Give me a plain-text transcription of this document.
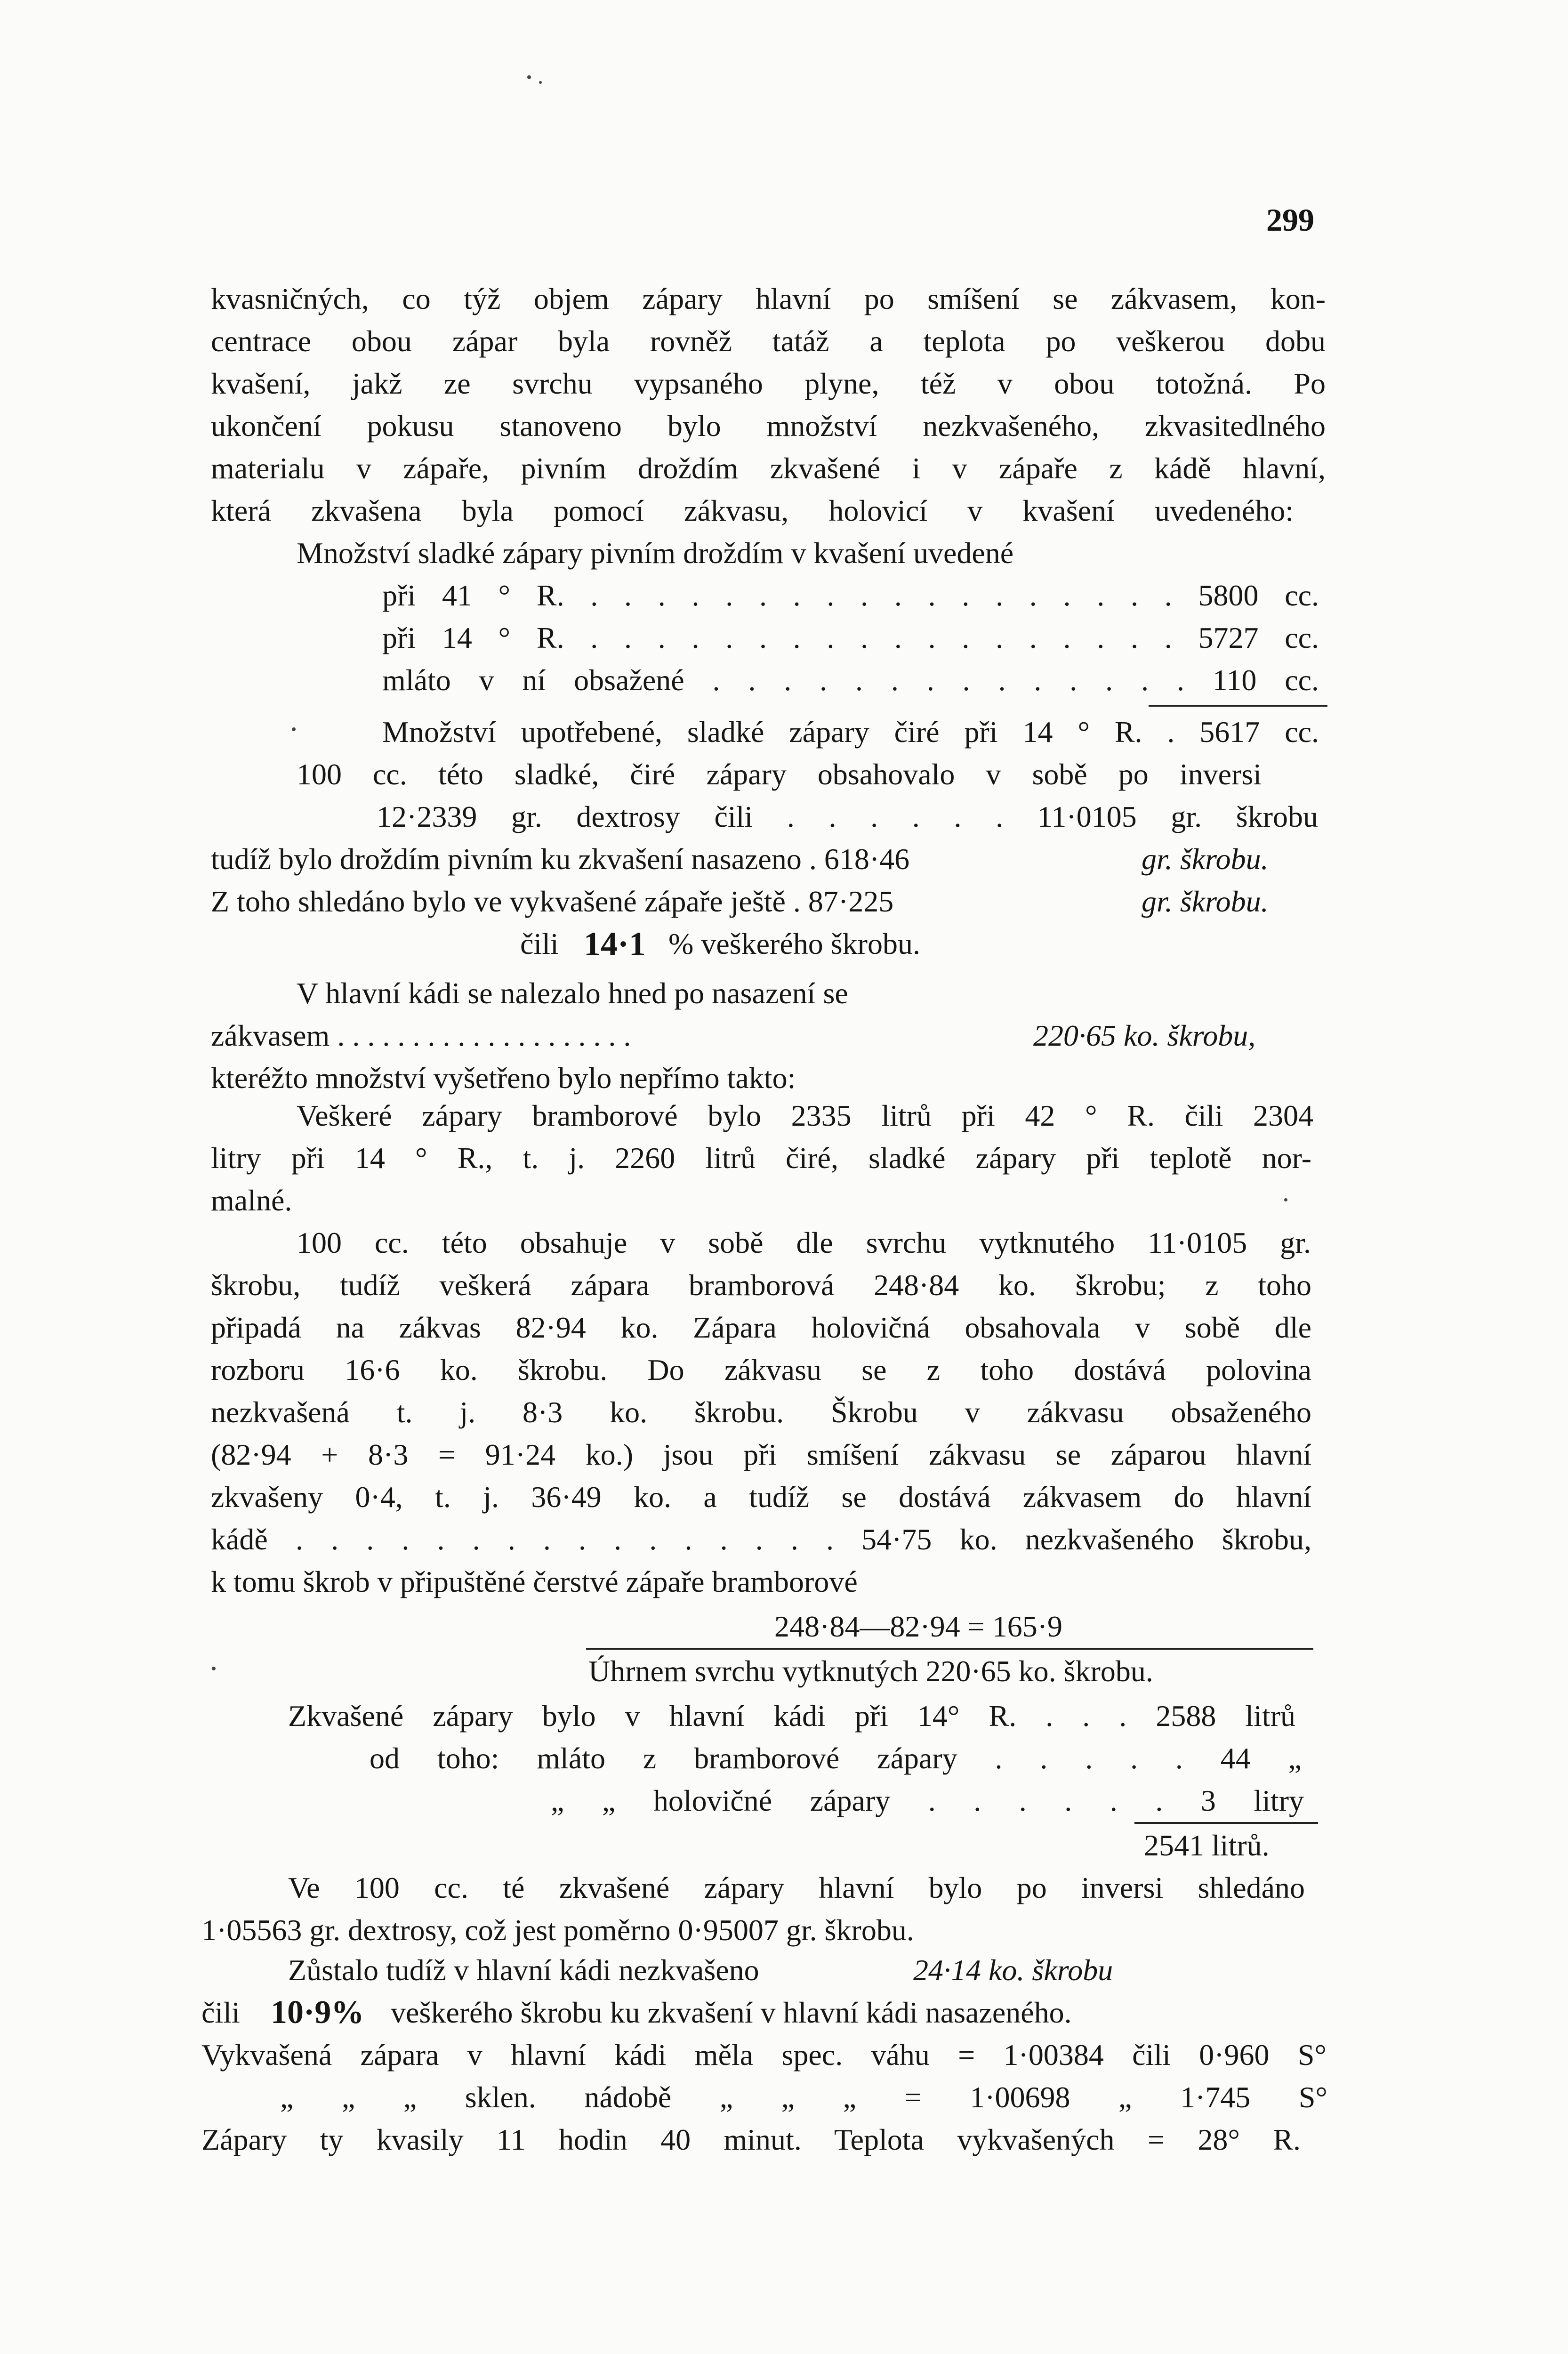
299

kvasničných, co týž objem zápary hlavní po smíšení se zákvasem, kon-

centrace obou zápar byla rovněž tatáž a teplota po veškerou dobu

kvašení, jakž ze svrchu vypsaného plyne, též v obou totožná. Po

ukončení pokusu stanoveno bylo množství nezkvašeného, zkvasitedlného

materialu v zápaře, pivním droždím zkvašené i v zápaře z kádě hlavní,

která zkvašena byla pomocí zákvasu, holovicí v kvašení uvedeného:

Množství sladké zápary pivním droždím v kvašení uvedené

při 41 ° R. . . . . . . . . . . . . . . . . . . 5800 cc.

při 14 ° R. . . . . . . . . . . . . . . . . . . 5727 cc.

mláto v ní obsažené . . . . . . . . . . . . . . 110 cc.

Množství upotřebené, sladké zápary čiré při 14 ° R. . 5617 cc.

100 cc. této sladké, čiré zápary obsahovalo v sobě po inversi

12·2339 gr. dextrosy čili . . . . . . 11·0105 gr. škrobu

tudíž bylo droždím pivním ku zkvašení nasazeno . 618·46

	gr. škrobu.

Z toho shledáno bylo ve vykvašené zápaře ještě . 87·225

	gr. škrobu.

čili

14·1

% veškerého škrobu.

V hlavní kádi se nalezalo hned po nasazení se

zákvasem . . . . . . . . . . . . . . . . . . . .

	220·65 ko. škrobu,

kteréžto množství vyšetřeno bylo nepřímo takto:

Veškeré zápary bramborové bylo 2335 litrů při 42 ° R. čili 2304

litry při 14 ° R., t. j. 2260 litrů čiré, sladké zápary při teplotě nor-

malné.

100 cc. této obsahuje v sobě dle svrchu vytknutého 11·0105 gr.

škrobu, tudíž veškerá zápara bramborová 248·84 ko. škrobu; z toho

připadá na zákvas 82·94 ko. Zápara holovičná obsahovala v sobě dle

rozboru 16·6 ko. škrobu. Do zákvasu se z toho dostává polovina

nezkvašená t. j. 8·3 ko. škrobu. Škrobu v zákvasu obsaženého

(82·94 + 8·3 = 91·24 ko.) jsou při smíšení zákvasu se záparou hlavní

zkvašeny 0·4, t. j. 36·49 ko. a tudíž se dostává zákvasem do hlavní

kádě . . . . . . . . . . . . . . . . 54·75 ko. nezkvašeného škrobu,

k tomu škrob v připuštěné čerstvé zápaře bramborové

248·84—82·94 = 165·9

Úhrnem svrchu vytknutých 220·65 ko. škrobu.

Zkvašené zápary bylo v hlavní kádi při 14° R. . . . 2588 litrů

od toho: mláto z bramborové zápary . . . . . 44 „

„ „ holovičné zápary . . . . . . 3 litry

2541 litrů.

Ve 100 cc. té zkvašené zápary hlavní bylo po inversi shledáno

1·05563 gr. dextrosy, což jest poměrno 0·95007 gr. škrobu.

Zůstalo tudíž v hlavní kádi nezkvašeno

	24·14 ko. škrobu

čili

10·9%

veškerého škrobu ku zkvašení v hlavní kádi nasazeného.

Vykvašená zápara v hlavní kádi měla spec. váhu = 1·00384 čili 0·960 S°

„ „ „ sklen. nádobě „ „ „ = 1·00698 „ 1·745 S°

Zápary ty kvasily 11 hodin 40 minut. Teplota vykvašených = 28° R.
